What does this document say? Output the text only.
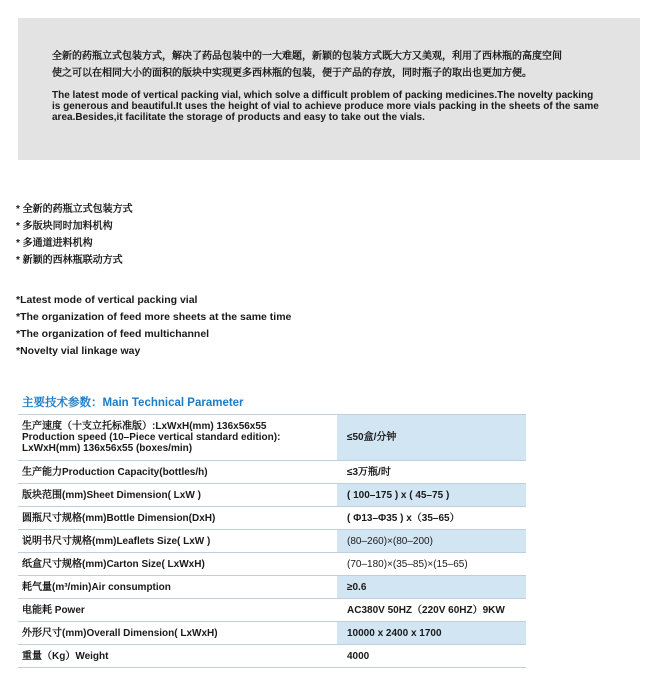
全新的药瓶立式包装方式，解决了药品包装中的一大难题，新颖的包装方式既大方又美观，利用了西林瓶的高度空间
使之可以在相同大小的面积的版块中实现更多西林瓶的包装，便于产品的存放，同时瓶子的取出也更加方便。

The latest mode of vertical packing vial, which solve a difficult problem of packing medicines.The novelty packing
is generous and beautiful.It uses the height of vial to achieve produce more vials packing in the sheets of the same
area.Besides,it facilitate the storage of products and easy to take out the vials.

* 全新的药瓶立式包装方式
* 多版块同时加料机构
* 多通道进料机构
* 新颖的西林瓶联动方式
*Latest mode of vertical packing vial
*The organization of feed more sheets at the same time
*The organization of feed multichannel
*Novelty vial linkage way
主要技术参数：Main Technical Parameter
生产速度（十支立托标准版）:LxWxH(mm) 136x56x55
Production speed (10–Piece vertical standard edition):
LxWxH(mm) 136x56x55 (boxes/min)	≤50盒/分钟
生产能力Production Capacity(bottles/h)	≤3万瓶/时
版块范围(mm)Sheet Dimension( LxW )	( 100–175 ) x ( 45–75 )
圆瓶尺寸规格(mm)Bottle Dimension(DxH)	( Φ13–Φ35 ) x（35–65）
说明书尺寸规格(mm)Leaflets Size( LxW )	(80–260)×(80–200)
纸盒尺寸规格(mm)Carton Size( LxWxH)	(70–180)×(35–85)×(15–65)
耗气量(m³/min)Air consumption	≥0.6
电能耗 Power	AC380V 50HZ（220V 60HZ）9KW
外形尺寸(mm)Overall Dimension( LxWxH)	10000 x 2400 x 1700
重量（Kg）Weight	4000
